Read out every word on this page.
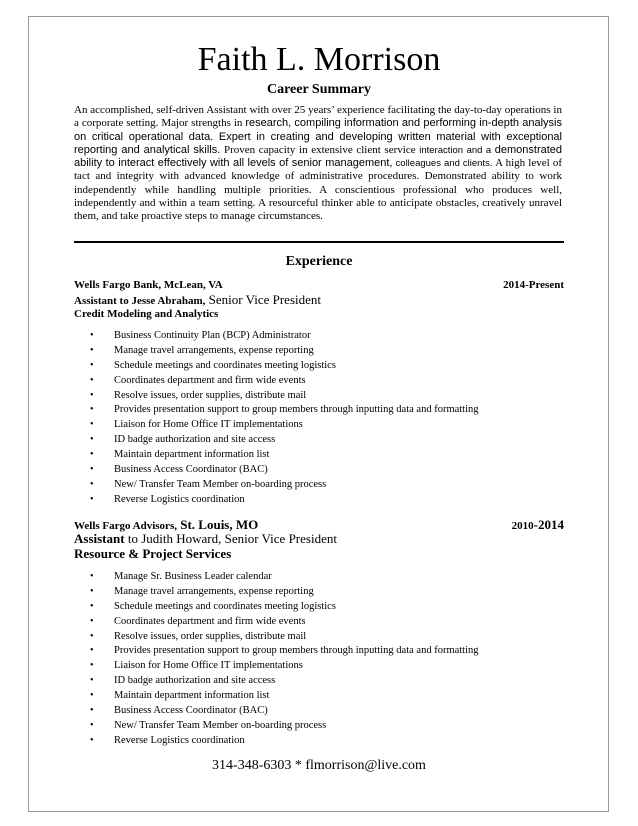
Faith L. Morrison
Career Summary
An accomplished, self-driven Assistant with over 25 years’ experience facilitating the day-to-day operations in a corporate setting. Major strengths in research, compiling information and performing in-depth analysis on critical operational data. Expert in creating and developing written material with exceptional reporting and analytical skills. Proven capacity in extensive client service interaction and a demonstrated ability to interact effectively with all levels of senior management, colleagues and clients. A high level of tact and integrity with advanced knowledge of administrative procedures. Demonstrated ability to work independently while handling multiple priorities. A conscientious professional who produces well, independently and within a team setting. A resourceful thinker able to anticipate obstacles, creatively unravel them, and take proactive steps to manage circumstances.
Experience
Wells Fargo Bank, McLean, VA	2014-Present
Assistant to Jesse Abraham, Senior Vice President
Credit Modeling and Analytics
• Business Continuity Plan (BCP) Administrator
• Manage travel arrangements, expense reporting
• Schedule meetings and coordinates meeting logistics
• Coordinates department and firm wide events
• Resolve issues, order supplies, distribute mail
• Provides presentation support to group members through inputting data and formatting
• Liaison for Home Office IT implementations
• ID badge authorization and site access
• Maintain department information list
• Business Access Coordinator (BAC)
• New/ Transfer Team Member on-boarding process
• Reverse Logistics coordination
Wells Fargo Advisors, St. Louis, MO	2010-2014
Assistant to Judith Howard, Senior Vice President
Resource & Project Services
• Manage Sr. Business Leader calendar
• Manage travel arrangements, expense reporting
• Schedule meetings and coordinates meeting logistics
• Coordinates department and firm wide events
• Resolve issues, order supplies, distribute mail
• Provides presentation support to group members through inputting data and formatting
• Liaison for Home Office IT implementations
• ID badge authorization and site access
• Maintain department information list
• Business Access Coordinator (BAC)
• New/ Transfer Team Member on-boarding process
• Reverse Logistics coordination
314-348-6303 * flmorrison@live.com
